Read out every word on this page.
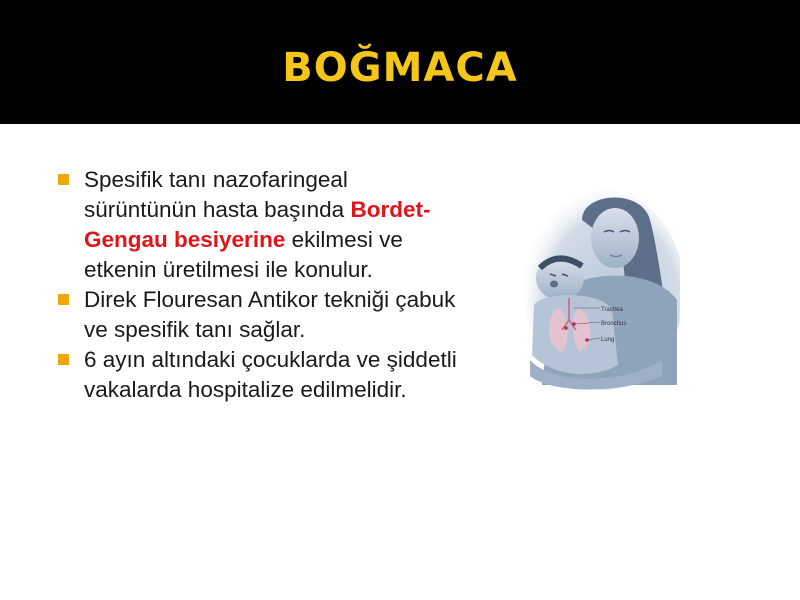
BOĞMACA
Spesifik tanı nazofaringeal sürüntünün hasta başında Bordet-Gengau besiyerine ekilmesi ve etkenin üretilmesi ile konulur.
Direk Flouresan Antikor tekniği çabuk ve spesifik tanı sağlar.
6 ayın altındaki çocuklarda ve şiddetli vakalarda hospitalize edilmelidir.
Trachea
Bronchus
Lung
